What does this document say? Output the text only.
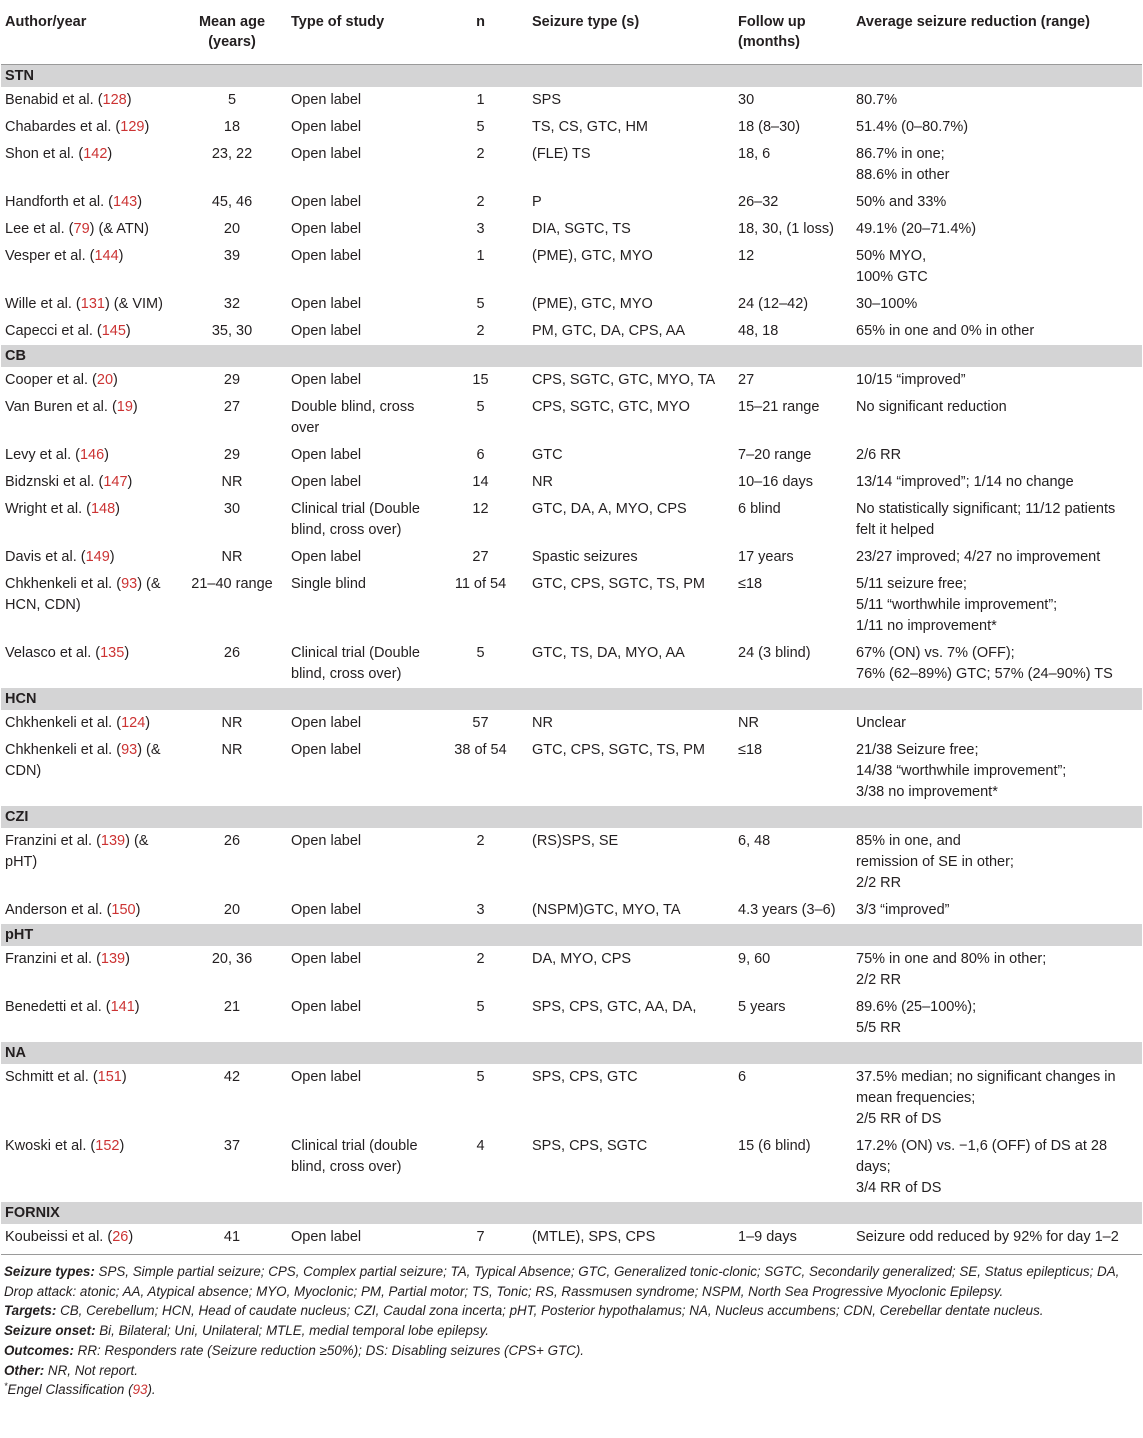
Author/year	Mean age (years)	Type of study	n	Seizure type (s)	Follow up (months)	Average seizure reduction (range)
STN						
Benabid et al. (128)	5	Open label	1	SPS	30	80.7%
Chabardes et al. (129)	18	Open label	5	TS, CS, GTC, HM	18 (8–30)	51.4% (0–80.7%)
Shon et al. (142)	23, 22	Open label	2	(FLE) TS	18, 6	86.7% in one;
88.6% in other
Handforth et al. (143)	45, 46	Open label	2	P	26–32	50% and 33%
Lee et al. (79) (& ATN)	20	Open label	3	DIA, SGTC, TS	18, 30, (1 loss)	49.1% (20–71.4%)
Vesper et al. (144)	39	Open label	1	(PME), GTC, MYO	12	50% MYO,
100% GTC
Wille et al. (131) (& VIM)	32	Open label	5	(PME), GTC, MYO	24 (12–42)	30–100%
Capecci et al. (145)	35, 30	Open label	2	PM, GTC, DA, CPS, AA	48, 18	65% in one and 0% in other
CB						
Cooper et al. (20)	29	Open label	15	CPS, SGTC, GTC, MYO, TA	27	10/15 “improved”
Van Buren et al. (19)	27	Double blind, cross
over	5	CPS, SGTC, GTC, MYO	15–21 range	No significant reduction
Levy et al. (146)	29	Open label	6	GTC	7–20 range	2/6 RR
Bidznski et al. (147)	NR	Open label	14	NR	10–16 days	13/14 “improved”; 1/14 no change
Wright et al. (148)	30	Clinical trial (Double
blind, cross over)	12	GTC, DA, A, MYO, CPS	6 blind	No statistically significant; 11/12 patients
felt it helped
Davis et al. (149)	NR	Open label	27	Spastic seizures	17 years	23/27 improved; 4/27 no improvement
Chkhenkeli et al. (93) (&
HCN, CDN)	21–40 range	Single blind	11 of 54	GTC, CPS, SGTC, TS, PM	≤18	5/11 seizure free;
5/11 “worthwhile improvement”;
1/11 no improvement*
Velasco et al. (135)	26	Clinical trial (Double
blind, cross over)	5	GTC, TS, DA, MYO, AA	24 (3 blind)	67% (ON) vs. 7% (OFF);
76% (62–89%) GTC; 57% (24–90%) TS
HCN						
Chkhenkeli et al. (124)	NR	Open label	57	NR	NR	Unclear
Chkhenkeli et al. (93) (&
CDN)	NR	Open label	38 of 54	GTC, CPS, SGTC, TS, PM	≤18	21/38 Seizure free;
14/38 “worthwhile improvement”;
3/38 no improvement*
CZI						
Franzini et al. (139) (&
pHT)	26	Open label	2	(RS)SPS, SE	6, 48	85% in one, and
remission of SE in other;
2/2 RR
Anderson et al. (150)	20	Open label	3	(NSPM)GTC, MYO, TA	4.3 years (3–6)	3/3 “improved”
pHT						
Franzini et al. (139)	20, 36	Open label	2	DA, MYO, CPS	9, 60	75% in one and 80% in other;
2/2 RR
Benedetti et al. (141)	21	Open label	5	SPS, CPS, GTC, AA, DA,	5 years	89.6% (25–100%);
5/5 RR
NA						
Schmitt et al. (151)	42	Open label	5	SPS, CPS, GTC	6	37.5% median; no significant changes in
mean frequencies;
2/5 RR of DS
Kwoski et al. (152)	37	Clinical trial (double
blind, cross over)	4	SPS, CPS, SGTC	15 (6 blind)	17.2% (ON) vs. −1,6 (OFF) of DS at 28
days;
3/4 RR of DS
FORNIX						
Koubeissi et al. (26)	41	Open label	7	(MTLE), SPS, CPS	1–9 days	Seizure odd reduced by 92% for day 1–2
Seizure types: SPS, Simple partial seizure; CPS, Complex partial seizure; TA, Typical Absence; GTC, Generalized tonic-clonic; SGTC, Secondarily generalized; SE, Status epilepticus; DA, Drop attack: atonic; AA, Atypical absence; MYO, Myoclonic; PM, Partial motor; TS, Tonic; RS, Rassmusen syndrome; NSPM, North Sea Progressive Myoclonic Epilepsy.
Targets: CB, Cerebellum; HCN, Head of caudate nucleus; CZI, Caudal zona incerta; pHT, Posterior hypothalamus; NA, Nucleus accumbens; CDN, Cerebellar dentate nucleus.
Seizure onset: Bi, Bilateral; Uni, Unilateral; MTLE, medial temporal lobe epilepsy.
Outcomes: RR: Responders rate (Seizure reduction ≥50%); DS: Disabling seizures (CPS+ GTC).
Other: NR, Not report.
*Engel Classification (93).
